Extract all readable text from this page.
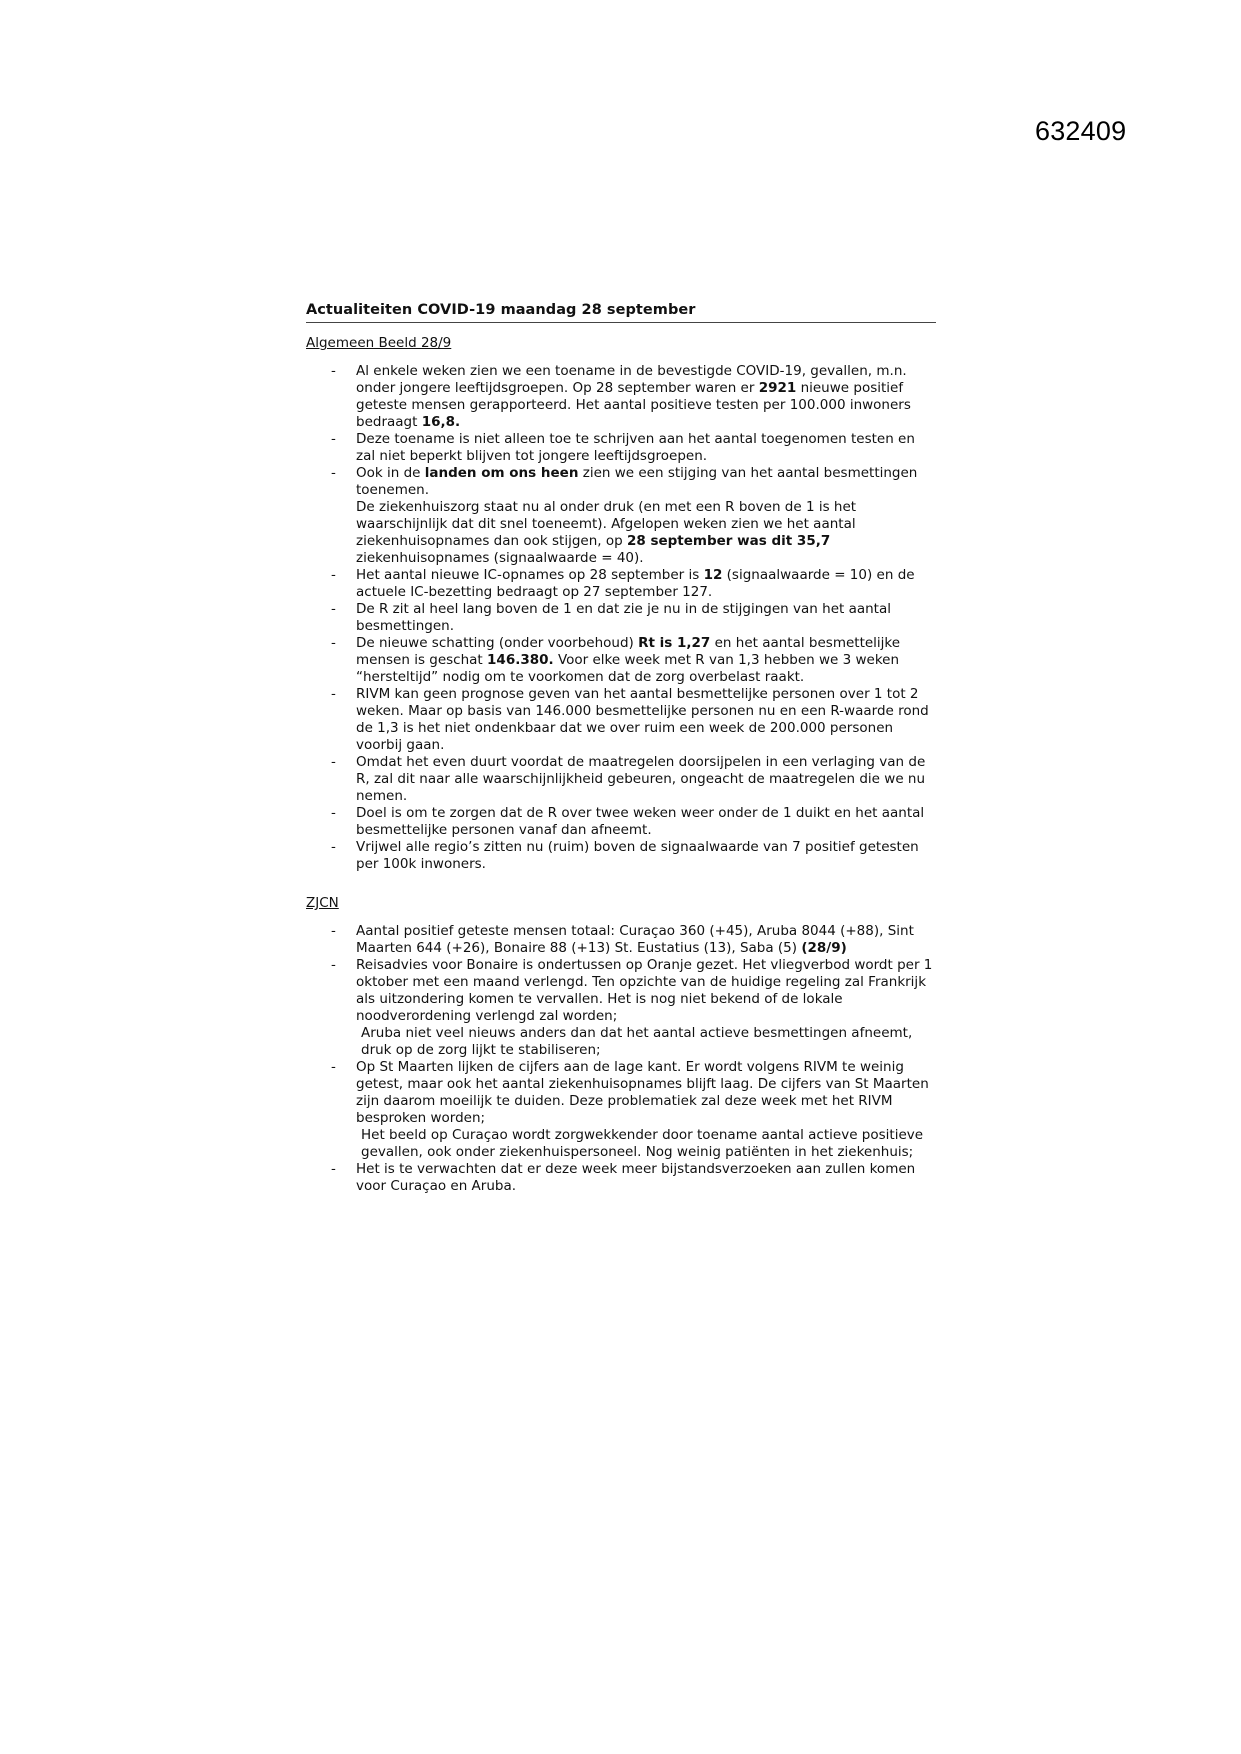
632409
Actualiteiten COVID-19 maandag 28 september
Algemeen Beeld 28/9
- Al enkele weken zien we een toename in de bevestigde COVID-19, gevallen, m.n. onder jongere leeftijdsgroepen. Op 28 september waren er 2921 nieuwe positief geteste mensen gerapporteerd. Het aantal positieve testen per 100.000 inwoners bedraagt 16,8.
- Deze toename is niet alleen toe te schrijven aan het aantal toegenomen testen en zal niet beperkt blijven tot jongere leeftijdsgroepen.
- Ook in de landen om ons heen zien we een stijging van het aantal besmettingen toenemen.
De ziekenhuiszorg staat nu al onder druk (en met een R boven de 1 is het waarschijnlijk dat dit snel toeneemt). Afgelopen weken zien we het aantal ziekenhuisopnames dan ook stijgen, op 28 september was dit 35,7 ziekenhuisopnames (signaalwaarde = 40).
- Het aantal nieuwe IC-opnames op 28 september is 12 (signaalwaarde = 10) en de actuele IC-bezetting bedraagt op 27 september 127.
- De R zit al heel lang boven de 1 en dat zie je nu in de stijgingen van het aantal besmettingen.
- De nieuwe schatting (onder voorbehoud) Rt is 1,27 en het aantal besmettelijke mensen is geschat 146.380. Voor elke week met R van 1,3 hebben we 3 weken “hersteltijd” nodig om te voorkomen dat de zorg overbelast raakt.
- RIVM kan geen prognose geven van het aantal besmettelijke personen over 1 tot 2 weken. Maar op basis van 146.000 besmettelijke personen nu en een R-waarde rond de 1,3 is het niet ondenkbaar dat we over ruim een week de 200.000 personen voorbij gaan.
- Omdat het even duurt voordat de maatregelen doorsijpelen in een verlaging van de R, zal dit naar alle waarschijnlijkheid gebeuren, ongeacht de maatregelen die we nu nemen.
- Doel is om te zorgen dat de R over twee weken weer onder de 1 duikt en het aantal besmettelijke personen vanaf dan afneemt.
- Vrijwel alle regio’s zitten nu (ruim) boven de signaalwaarde van 7 positief getesten per 100k inwoners.
ZJCN
- Aantal positief geteste mensen totaal: Curaçao 360 (+45), Aruba 8044 (+88), Sint Maarten 644 (+26), Bonaire 88 (+13) St. Eustatius (13), Saba (5) (28/9)
- Reisadvies voor Bonaire is ondertussen op Oranje gezet. Het vliegverbod wordt per 1 oktober met een maand verlengd. Ten opzichte van de huidige regeling zal Frankrijk als uitzondering komen te vervallen. Het is nog niet bekend of de lokale noodverordening verlengd zal worden;
Aruba niet veel nieuws anders dan dat het aantal actieve besmettingen afneemt, druk op de zorg lijkt te stabiliseren;
- Op St Maarten lijken de cijfers aan de lage kant. Er wordt volgens RIVM te weinig getest, maar ook het aantal ziekenhuisopnames blijft laag. De cijfers van St Maarten zijn daarom moeilijk te duiden. Deze problematiek zal deze week met het RIVM besproken worden;
Het beeld op Curaçao wordt zorgwekkender door toename aantal actieve positieve gevallen, ook onder ziekenhuispersoneel. Nog weinig patiënten in het ziekenhuis;
- Het is te verwachten dat er deze week meer bijstandsverzoeken aan zullen komen voor Curaçao en Aruba.
